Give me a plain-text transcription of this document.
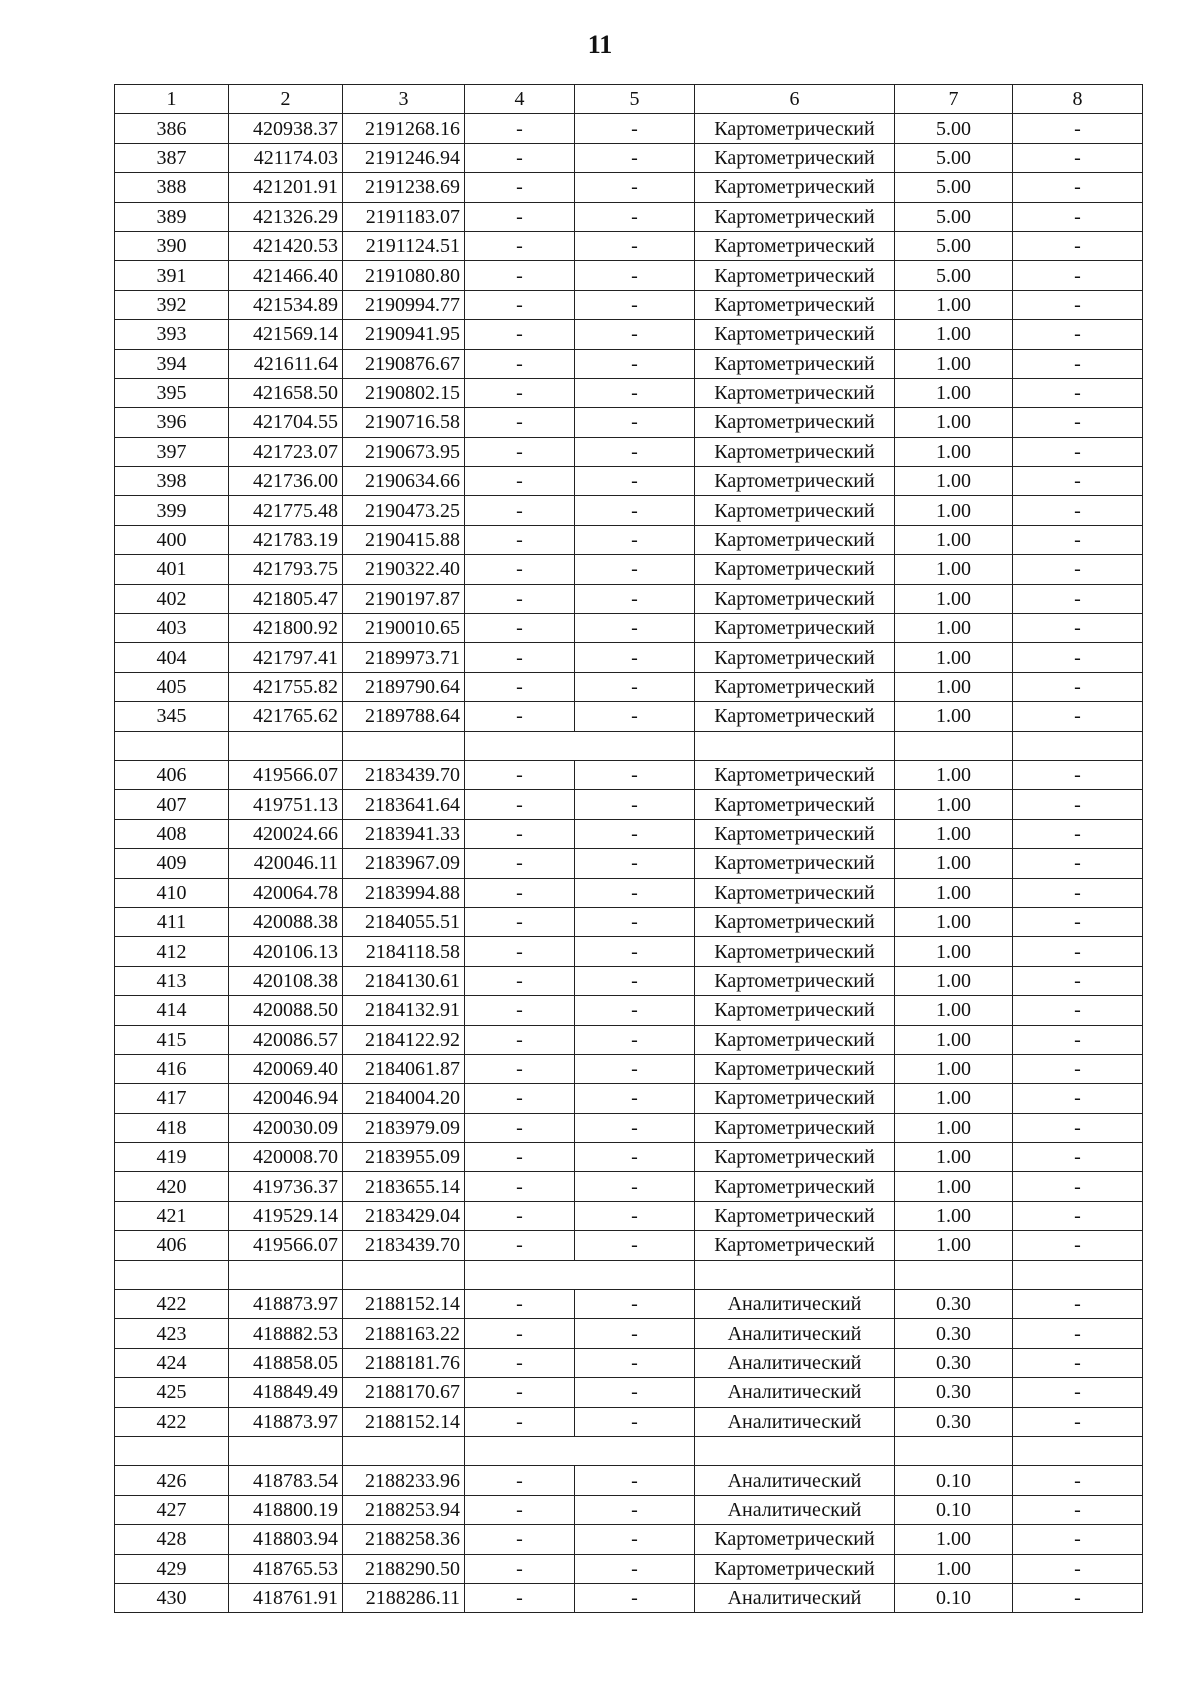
11
1	2	3	4	5	6	7	8
386	420938.37	2191268.16	-	-	Картометрический	5.00	-
387	421174.03	2191246.94	-	-	Картометрический	5.00	-
388	421201.91	2191238.69	-	-	Картометрический	5.00	-
389	421326.29	2191183.07	-	-	Картометрический	5.00	-
390	421420.53	2191124.51	-	-	Картометрический	5.00	-
391	421466.40	2191080.80	-	-	Картометрический	5.00	-
392	421534.89	2190994.77	-	-	Картометрический	1.00	-
393	421569.14	2190941.95	-	-	Картометрический	1.00	-
394	421611.64	2190876.67	-	-	Картометрический	1.00	-
395	421658.50	2190802.15	-	-	Картометрический	1.00	-
396	421704.55	2190716.58	-	-	Картометрический	1.00	-
397	421723.07	2190673.95	-	-	Картометрический	1.00	-
398	421736.00	2190634.66	-	-	Картометрический	1.00	-
399	421775.48	2190473.25	-	-	Картометрический	1.00	-
400	421783.19	2190415.88	-	-	Картометрический	1.00	-
401	421793.75	2190322.40	-	-	Картометрический	1.00	-
402	421805.47	2190197.87	-	-	Картометрический	1.00	-
403	421800.92	2190010.65	-	-	Картометрический	1.00	-
404	421797.41	2189973.71	-	-	Картометрический	1.00	-
405	421755.82	2189790.64	-	-	Картометрический	1.00	-
345	421765.62	2189788.64	-	-	Картометрический	1.00	-

406	419566.07	2183439.70	-	-	Картометрический	1.00	-
407	419751.13	2183641.64	-	-	Картометрический	1.00	-
408	420024.66	2183941.33	-	-	Картометрический	1.00	-
409	420046.11	2183967.09	-	-	Картометрический	1.00	-
410	420064.78	2183994.88	-	-	Картометрический	1.00	-
411	420088.38	2184055.51	-	-	Картометрический	1.00	-
412	420106.13	2184118.58	-	-	Картометрический	1.00	-
413	420108.38	2184130.61	-	-	Картометрический	1.00	-
414	420088.50	2184132.91	-	-	Картометрический	1.00	-
415	420086.57	2184122.92	-	-	Картометрический	1.00	-
416	420069.40	2184061.87	-	-	Картометрический	1.00	-
417	420046.94	2184004.20	-	-	Картометрический	1.00	-
418	420030.09	2183979.09	-	-	Картометрический	1.00	-
419	420008.70	2183955.09	-	-	Картометрический	1.00	-
420	419736.37	2183655.14	-	-	Картометрический	1.00	-
421	419529.14	2183429.04	-	-	Картометрический	1.00	-
406	419566.07	2183439.70	-	-	Картометрический	1.00	-

422	418873.97	2188152.14	-	-	Аналитический	0.30	-
423	418882.53	2188163.22	-	-	Аналитический	0.30	-
424	418858.05	2188181.76	-	-	Аналитический	0.30	-
425	418849.49	2188170.67	-	-	Аналитический	0.30	-
422	418873.97	2188152.14	-	-	Аналитический	0.30	-

426	418783.54	2188233.96	-	-	Аналитический	0.10	-
427	418800.19	2188253.94	-	-	Аналитический	0.10	-
428	418803.94	2188258.36	-	-	Картометрический	1.00	-
429	418765.53	2188290.50	-	-	Картометрический	1.00	-
430	418761.91	2188286.11	-	-	Аналитический	0.10	-
